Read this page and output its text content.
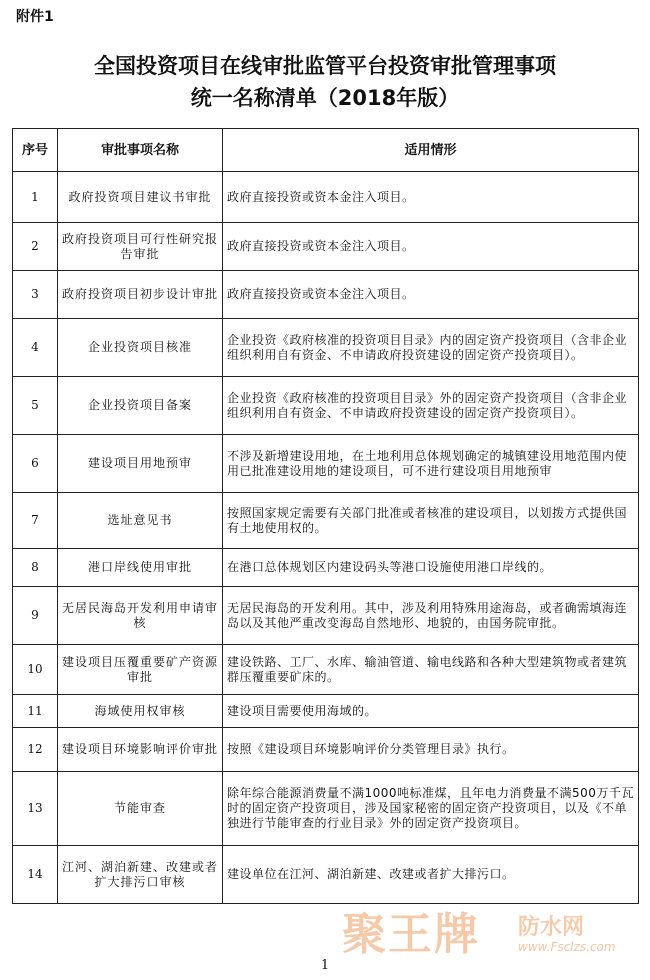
附件1
全国投资项目在线审批监管平台投资审批管理事项
统一名称清单（2018年版）
序号	审批事项名称	适用情形
1	政府投资项目建议书审批	政府直接投资或资本金注入项目。
2	政府投资项目可行性研究报告审批	政府直接投资或资本金注入项目。
3	政府投资项目初步设计审批	政府直接投资或资本金注入项目。
4	企业投资项目核准	企业投资《政府核准的投资项目目录》内的固定资产投资项目（含非企业组织利用自有资金、不申请政府投资建设的固定资产投资项目）。
5	企业投资项目备案	企业投资《政府核准的投资项目目录》外的固定资产投资项目（含非企业组织利用自有资金、不申请政府投资建设的固定资产投资项目）。
6	建设项目用地预审	不涉及新增建设用地，在土地利用总体规划确定的城镇建设用地范围内使用已批准建设用地的建设项目，可不进行建设项目用地预审
7	选址意见书	按照国家规定需要有关部门批准或者核准的建设项目，以划拨方式提供国有土地使用权的。
8	港口岸线使用审批	在港口总体规划区内建设码头等港口设施使用港口岸线的。
9	无居民海岛开发利用申请审核	无居民海岛的开发利用。其中，涉及利用特殊用途海岛，或者确需填海连岛以及其他严重改变海岛自然地形、地貌的，由国务院审批。
10	建设项目压覆重要矿产资源审批	建设铁路、工厂、水库、输油管道、输电线路和各种大型建筑物或者建筑群压覆重要矿床的。
11	海域使用权审核	建设项目需要使用海域的。
12	建设项目环境影响评价审批	按照《建设项目环境影响评价分类管理目录》执行。
13	节能审查	除年综合能源消费量不满1000吨标准煤，且年电力消费量不满500万千瓦时的固定资产投资项目，涉及国家秘密的固定资产投资项目，以及《不单独进行节能审查的行业目录》外的固定资产投资项目。
14	江河、湖泊新建、改建或者扩大排污口审核	建设单位在江河、湖泊新建、改建或者扩大排污口。
聚王牌 防水网
www.Fsclzs.com
1
